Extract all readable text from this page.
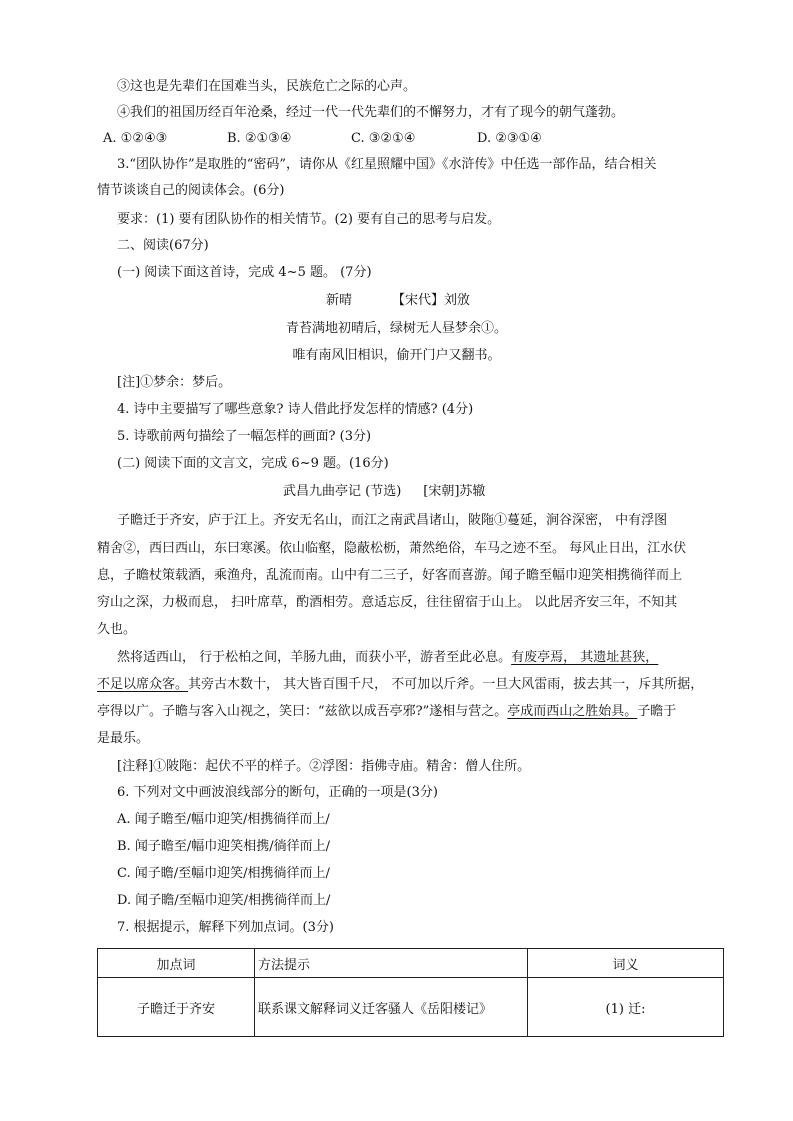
③这也是先辈们在国难当头，民族危亡之际的心声。
④我们的祖国历经百年沧桑，经过一代一代先辈们的不懈努力，才有了现今的朝气蓬勃。
A. ①②④③	B. ②①③④	C. ③②①④	D. ②③①④
3.“团队协作”是取胜的“密码”，请你从《红星照耀中国》《水浒传》中任选一部作品，结合相关
情节谈谈自己的阅读体会。(6分)
要求：(1) 要有团队协作的相关情节。(2) 要有自己的思考与启发。
二、阅读(67分)
(一) 阅读下面这首诗，完成 4~5 题。 (7分)
新晴	【宋代】刘攽
青苔满地初晴后，绿树无人昼梦余①。
唯有南风旧相识，偷开门户又翻书。
[注]①梦余：梦后。
4. 诗中主要描写了哪些意象? 诗人借此抒发怎样的情感? (4分)
5. 诗歌前两句描绘了一幅怎样的画面? (3分)
(二) 阅读下面的文言文，完成 6~9 题。(16分)
武昌九曲亭记 (节选) [宋朝]苏辙
子瞻迁于齐安，庐于江上。齐安无名山，而江之南武昌诸山，陂陁①蔓延，涧谷深密， 中有浮图
精舍②，西曰西山，东曰寒溪。依山临壑，隐蔽松枥，萧然绝俗，车马之迹不至。 每风止日出，江水伏
息，子瞻杖策载酒，乘渔舟，乱流而南。山中有二三子，好客而喜游。闻子瞻至幅巾迎笑相携徜徉而上
穷山之深，力极而息， 扫叶席草，酌酒相劳。意适忘反，往往留宿于山上。 以此居齐安三年，不知其
久也。
然将适西山， 行于松柏之间，羊肠九曲，而获小平，游者至此必息。有废亭焉， 其遗址甚狭，
不足以席众客。其旁古木数十， 其大皆百围千尺， 不可加以斤斧。一旦大风雷雨，拔去其一，斥其所据，
亭得以广。子瞻与客入山视之，笑曰：“兹欲以成吾亭邪?”遂相与营之。亭成而西山之胜始具。子瞻于
是最乐。
[注释]①陂陁：起伏不平的样子。②浮图：指佛寺庙。精舍：僧人住所。
6. 下列对文中画波浪线部分的断句，正确的一项是(3分)
A. 闻子瞻至/幅巾迎笑/相携徜徉而上/
B. 闻子瞻至/幅巾迎笑相携/徜徉而上/
C. 闻子瞻/至幅巾迎笑/相携徜徉而上/
D. 闻子瞻/至幅巾迎笑/相携徜徉而上/
7. 根据提示，解释下列加点词。(3分)
加点词	方法提示	词义
子瞻迁于齐安	联系课文解释词义迁客骚人《岳阳楼记》	(1) 迁:
